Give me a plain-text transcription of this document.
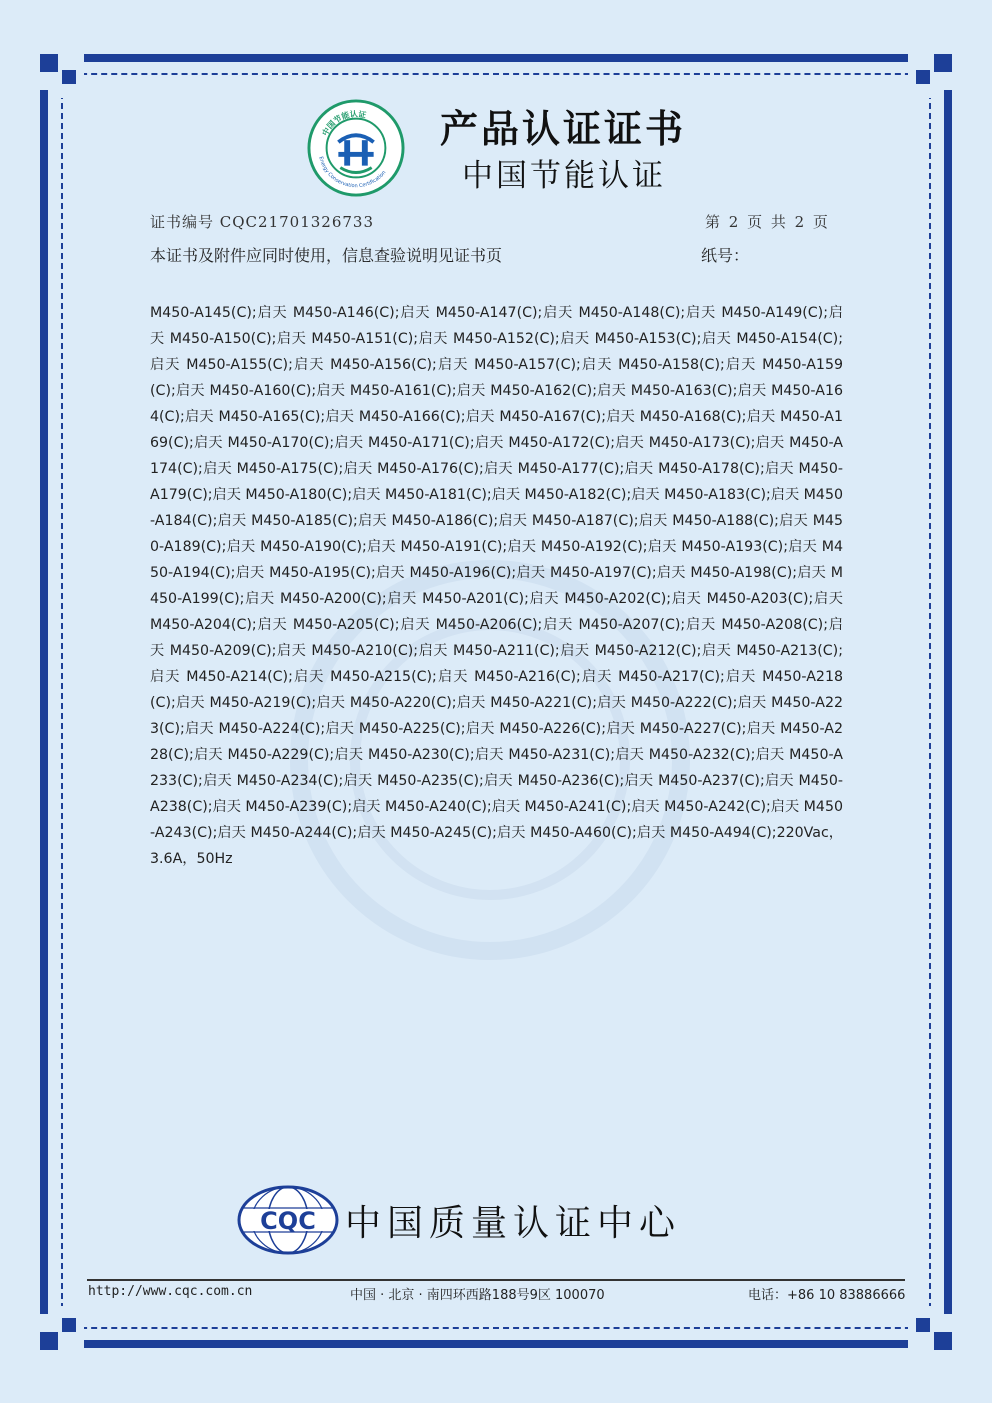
中国节能认证
Energy Conservation Certification
产品认证证书
中国节能认证
证书编号 CQC21701326733	第 2 页 共 2 页
本证书及附件应同时使用，信息查验说明见证书页	纸号：
M450-A145(C);启天 M450-A146(C);启天 M450-A147(C);启天 M450-A148(C);启天 M450-A149(C);启天 M450-A150(C);启天 M450-A151(C);启天 M450-A152(C);启天 M450-A153(C);启天 M450-A154(C);启天 M450-A155(C);启天 M450-A156(C);启天 M450-A157(C);启天 M450-A158(C);启天 M450-A159(C);启天 M450-A160(C);启天 M450-A161(C);启天 M450-A162(C);启天 M450-A163(C);启天 M450-A164(C);启天 M450-A165(C);启天 M450-A166(C);启天 M450-A167(C);启天 M450-A168(C);启天 M450-A169(C);启天 M450-A170(C);启天 M450-A171(C);启天 M450-A172(C);启天 M450-A173(C);启天 M450-A174(C);启天 M450-A175(C);启天 M450-A176(C);启天 M450-A177(C);启天 M450-A178(C);启天 M450-A179(C);启天 M450-A180(C);启天 M450-A181(C);启天 M450-A182(C);启天 M450-A183(C);启天 M450-A184(C);启天 M450-A185(C);启天 M450-A186(C);启天 M450-A187(C);启天 M450-A188(C);启天 M450-A189(C);启天 M450-A190(C);启天 M450-A191(C);启天 M450-A192(C);启天 M450-A193(C);启天 M450-A194(C);启天 M450-A195(C);启天 M450-A196(C);启天 M450-A197(C);启天 M450-A198(C);启天 M450-A199(C);启天 M450-A200(C);启天 M450-A201(C);启天 M450-A202(C);启天 M450-A203(C);启天 M450-A204(C);启天 M450-A205(C);启天 M450-A206(C);启天 M450-A207(C);启天 M450-A208(C);启天 M450-A209(C);启天 M450-A210(C);启天 M450-A211(C);启天 M450-A212(C);启天 M450-A213(C);启天 M450-A214(C);启天 M450-A215(C);启天 M450-A216(C);启天 M450-A217(C);启天 M450-A218(C);启天 M450-A219(C);启天 M450-A220(C);启天 M450-A221(C);启天 M450-A222(C);启天 M450-A223(C);启天 M450-A224(C);启天 M450-A225(C);启天 M450-A226(C);启天 M450-A227(C);启天 M450-A228(C);启天 M450-A229(C);启天 M450-A230(C);启天 M450-A231(C);启天 M450-A232(C);启天 M450-A233(C);启天 M450-A234(C);启天 M450-A235(C);启天 M450-A236(C);启天 M450-A237(C);启天 M450-A238(C);启天 M450-A239(C);启天 M450-A240(C);启天 M450-A241(C);启天 M450-A242(C);启天 M450-A243(C);启天 M450-A244(C);启天 M450-A245(C);启天 M450-A460(C);启天 M450-A494(C);220Vac，3.6A，50Hz
CQC 中国质量认证中心
http://www.cqc.com.cn	中国 · 北京 · 南四环西路188号9区 100070	电话：+86 10 83886666
